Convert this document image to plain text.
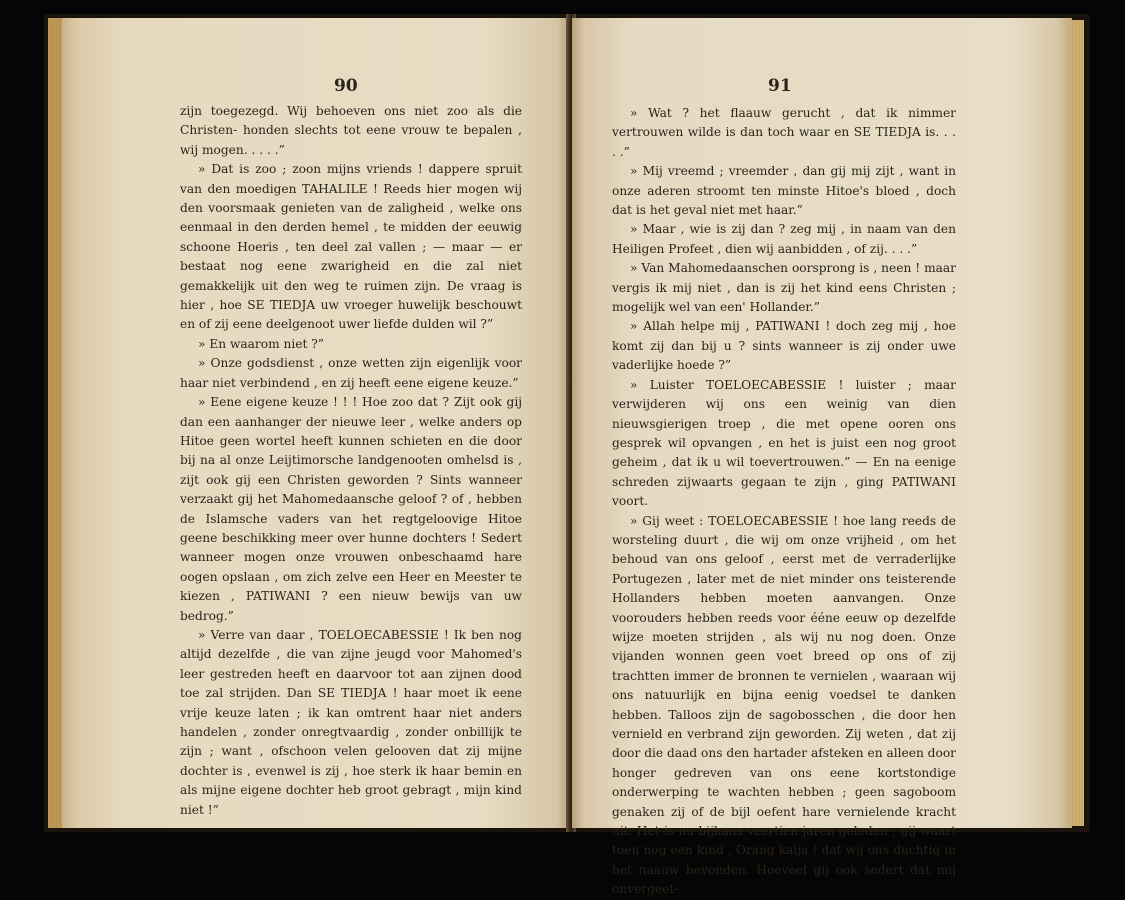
90

zijn toegezegd. Wij behoeven ons niet zoo als die Christen- honden slechts tot eene vrouw te bepalen , wij mogen. . . . .”

» Dat is zoo ; zoon mijns vriends ! dappere spruit van den moedigen TAHALILE ! Reeds hier mogen wij den voorsmaak genieten van de zaligheid , welke ons eenmaal in den derden hemel , te midden der eeuwig schoone Hoeris , ten deel zal vallen ; — maar — er bestaat nog eene zwarigheid en die zal niet gemakkelijk uit den weg te ruimen zijn. De vraag is hier , hoe SE TIEDJA uw vroeger huwelijk beschouwt en of zij eene deelgenoot uwer liefde dulden wil ?”

» En waarom niet ?”

» Onze godsdienst , onze wetten zijn eigenlijk voor haar niet verbindend , en zij heeft eene eigene keuze.”

» Eene eigene keuze ! ! ! Hoe zoo dat ? Zijt ook gij dan een aanhanger der nieuwe leer , welke anders op Hitoe geen wortel heeft kunnen schieten en die door bij na al onze Leijtimorsche landgenooten omhelsd is , zijt ook gij een Christen geworden ? Sints wanneer verzaakt gij het Mahomedaansche geloof ? of , hebben de Islamsche vaders van het regtgeloovige Hitoe geene beschikking meer over hunne dochters ! Sedert wanneer mogen onze vrouwen onbeschaamd hare oogen opslaan , om zich zelve een Heer en Meester te kiezen , PATIWANI ? een nieuw bewijs van uw bedrog.”

» Verre van daar , TOELOECABESSIE ! Ik ben nog altijd dezelfde , die van zijne jeugd voor Mahomed's leer gestreden heeft en daarvoor tot aan zijnen dood toe zal strijden. Dan SE TIEDJA ! haar moet ik eene vrije keuze laten ; ik kan omtrent haar niet anders handelen , zonder onregtvaardig , zonder onbillijk te zijn ; want , ofschoon velen gelooven dat zij mijne dochter is , evenwel is zij , hoe sterk ik haar bemin en als mijne eigene dochter heb groot gebragt , mijn kind niet !”

91

» Wat ? het flaauw gerucht , dat ik nimmer vertrouwen wilde is dan toch waar en SE TIEDJA is. . . . .”

» Mij vreemd ; vreemder , dan gij mij zijt , want in onze aderen stroomt ten minste Hitoe's bloed , doch dat is het geval niet met haar.”

» Maar , wie is zij dan ? zeg mij , in naam van den Heiligen Profeet , dien wij aanbidden , of zij. . . .”

» Van Mahomedaanschen oorsprong is , neen ! maar vergis ik mij niet , dan is zij het kind eens Christen ; mogelijk wel van een' Hollander.”

» Allah helpe mij , PATIWANI ! doch zeg mij , hoe komt zij dan bij u ? sints wanneer is zij onder uwe vaderlijke hoede ?”

» Luister TOELOECABESSIE ! luister ; maar verwijderen wij ons een weinig van dien nieuwsgierigen troep , die met opene ooren ons gesprek wil opvangen , en het is juist een nog groot geheim , dat ik u wil toevertrouwen.” — En na eenige schreden zijwaarts gegaan te zijn , ging PATIWANI voort.

» Gij weet : TOELOECABESSIE ! hoe lang reeds de worsteling duurt , die wij om onze vrijheid , om het behoud van ons geloof , eerst met de verraderlijke Portugezen , later met de niet minder ons teisterende Hollanders hebben moeten aanvangen. Onze voorouders hebben reeds voor ééne eeuw op dezelfde wijze moeten strijden , als wij nu nog doen. Onze vijanden wonnen geen voet breed op ons of zij trachtten immer de bronnen te vernielen , waaraan wij ons natuurlijk en bijna eenig voedsel te danken hebben. Talloos zijn de sagobosschen , die door hen vernield en verbrand zijn geworden. Zij weten , dat zij door die daad ons den hartader afsteken en alleen door honger gedreven van ons eene kortstondige onderwerping te wachten hebben ; geen sagoboom genaken zij of de bijl oefent hare vernielende kracht uit. Het is nu bijkans veertien jaren geleden ; gij waart toen nog een kind , Orang kaija ! dat wij ons duchtig in het naauw bevonden. Hoeveel gij ook sedert dat mij onvergeet-
